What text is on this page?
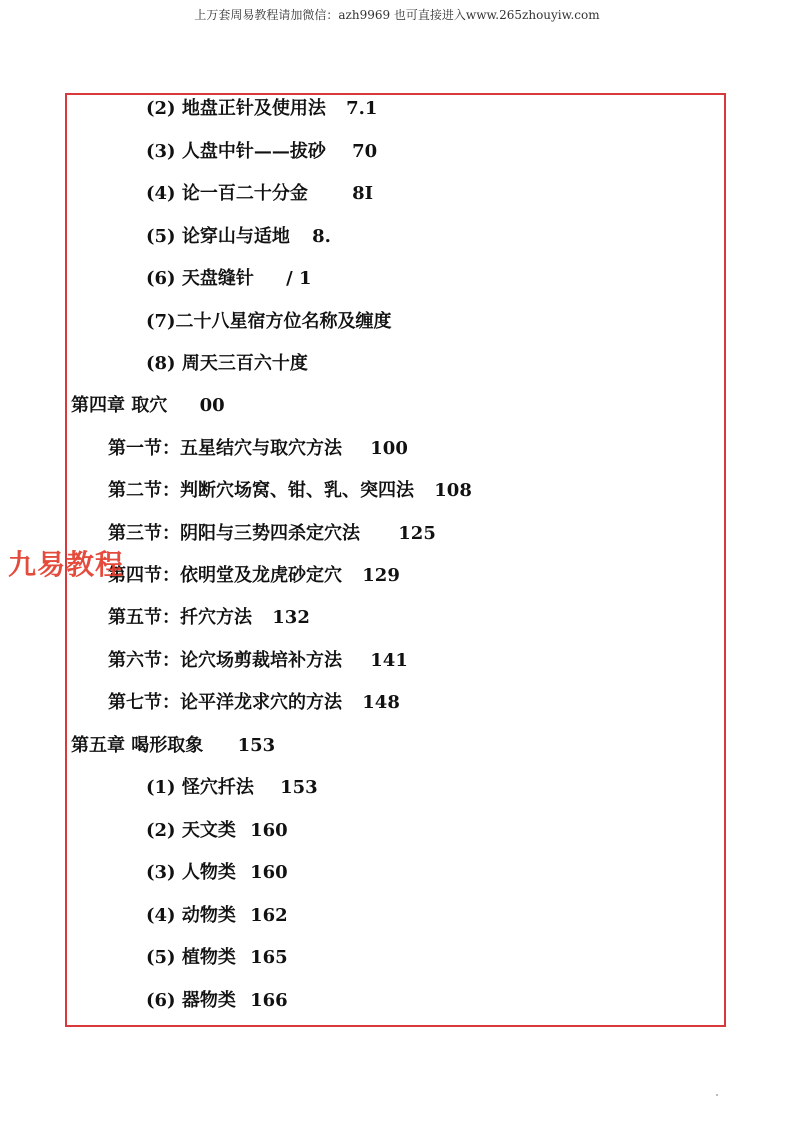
上万套周易教程请加微信：azh9969 也可直接进入www.265zhouyiw.com
(2) 地盘正针及使用法 7.1
(3) 人盘中针——拔砂 70
(4) 论一百二十分金 8I
(5) 论穿山与适地 8.
(6) 天盘缝针 / 1
(7)二十八星宿方位名称及缠度
(8) 周天三百六十度
第四章 取穴 00
第一节：五星结穴与取穴方法 100
第二节：判断穴场窝、钳、乳、突四法 108
第三节：阴阳与三势四杀定穴法 125
第四节：依明堂及龙虎砂定穴 129
第五节：扦穴方法 132
第六节：论穴场剪裁培补方法 141
第七节：论平洋龙求穴的方法 148
第五章 喝形取象 153
(1) 怪穴扦法 153
(2) 天文类 160
(3) 人物类 160
(4) 动物类 162
(5) 植物类 165
(6) 器物类 166
九易教程
